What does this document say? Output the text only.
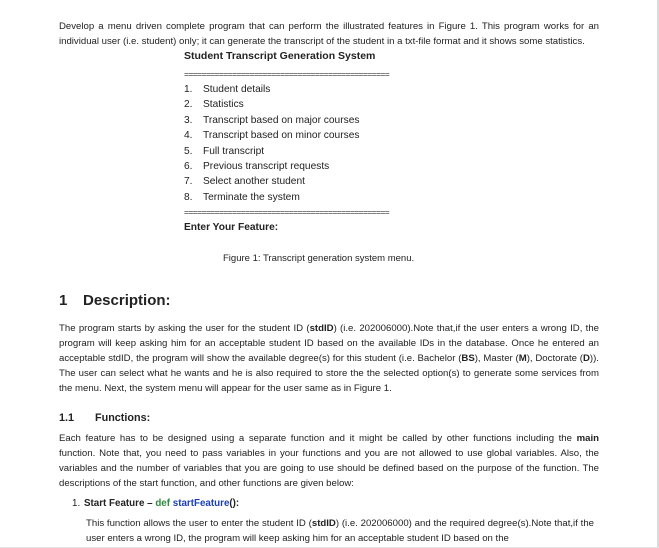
Develop a menu driven complete program that can perform the illustrated features in Figure 1. This program works for an individual user (i.e. student) only; it can generate the transcript of the student in a txt-file format and it shows some statistics.

Student Transcript Generation System
===============================================
1. Student details
2. Statistics
3. Transcript based on major courses
4. Transcript based on minor courses
5. Full transcript
6. Previous transcript requests
7. Select another student
8. Terminate the system
===============================================
Enter Your Feature:
Figure 1: Transcript generation system menu.
1 Description:

The program starts by asking the user for the student ID (stdID) (i.e. 202006000).Note that,if the user enters a wrong ID, the program will keep asking him for an acceptable student ID based on the available IDs in the database. Once he entered an acceptable stdID, the program will show the available degree(s) for this student (i.e. Bachelor (BS), Master (M), Doctorate (D)). The user can select what he wants and he is also required to store the the selected option(s) to generate some services from the menu. Next, the system menu will appear for the user same as in Figure 1.

1.1 Functions:

Each feature has to be designed using a separate function and it might be called by other functions including the main function. Note that, you need to pass variables in your functions and you are not allowed to use global variables. Also, the variables and the number of variables that you are going to use should be defined based on the purpose of the function. The descriptions of the start function, and other functions are given below:

1. Start Feature – def startFeature():

This function allows the user to enter the student ID (stdID) (i.e. 202006000) and the required degree(s).Note that,if the user enters a wrong ID, the program will keep asking him for an acceptable student ID based on the
